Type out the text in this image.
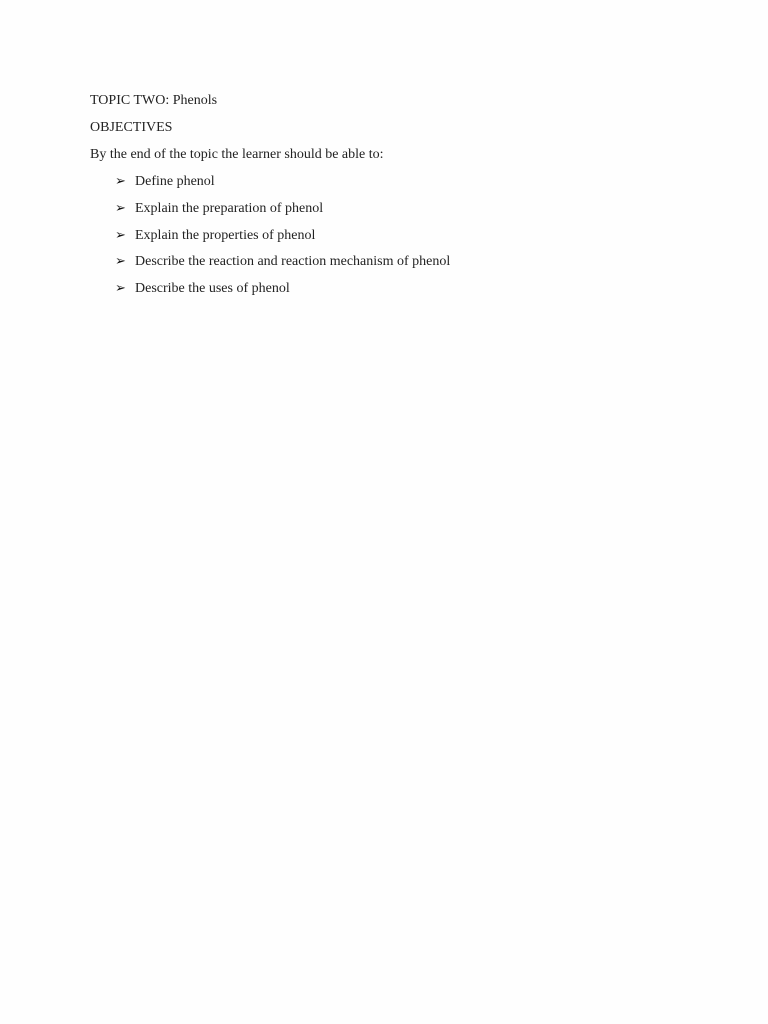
TOPIC TWO: Phenols
OBJECTIVES
By the end of the topic the learner should be able to:
➢ Define phenol
➢ Explain the preparation of phenol
➢ Explain the properties of phenol
➢ Describe the reaction and reaction mechanism of phenol
➢ Describe the uses of phenol
